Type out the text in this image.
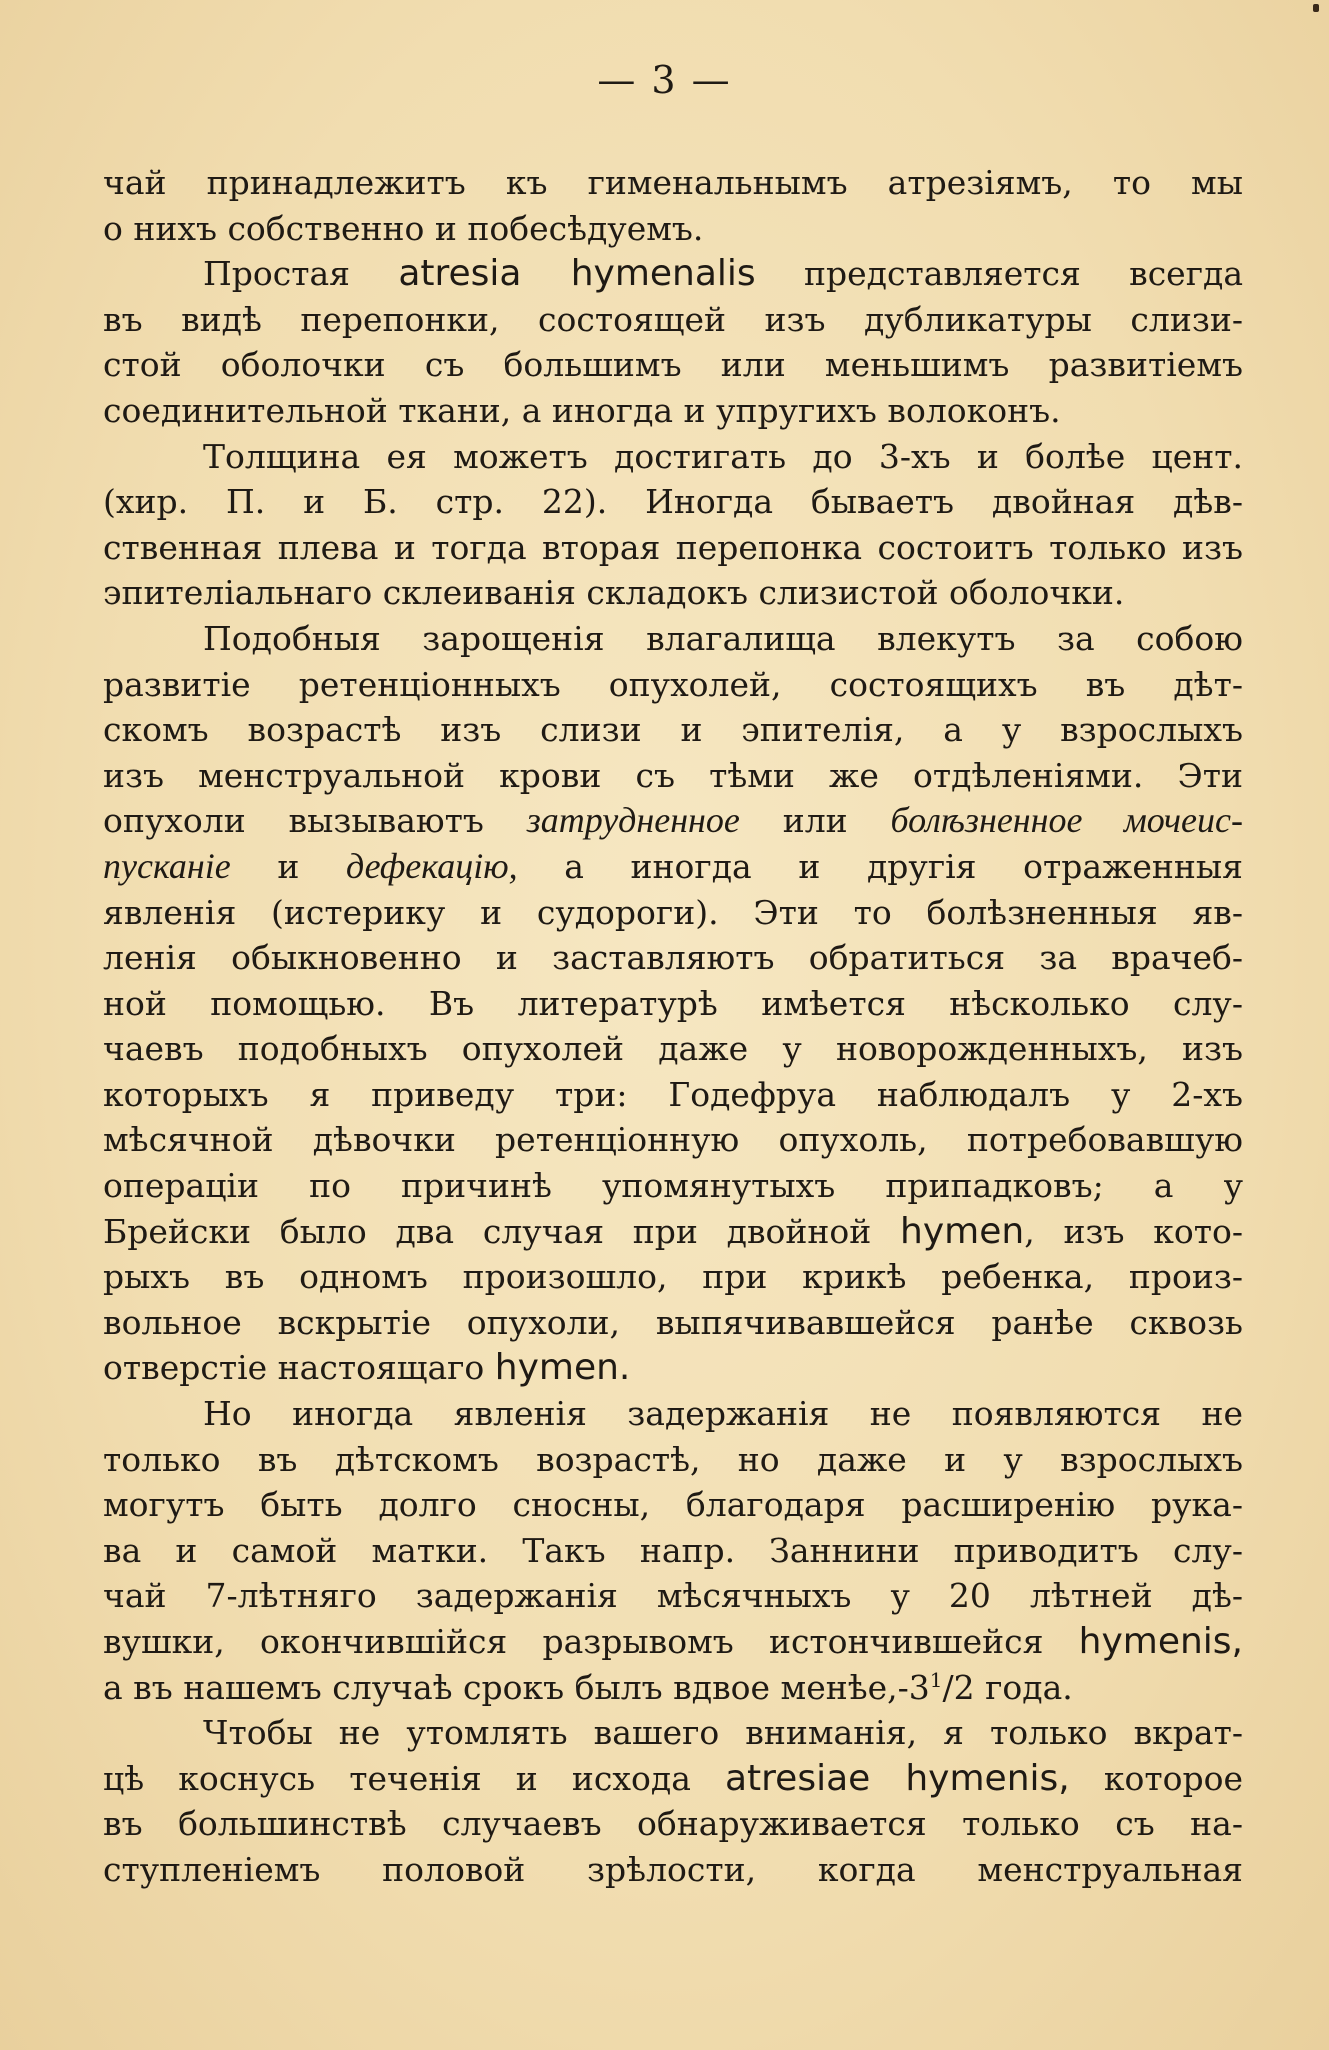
— 3 —
чай принадлежитъ къ гименальнымъ атрезіямъ, то мы
о нихъ собственно и побесѣдуемъ.
Простая atresia hymenalis представляется всегда
въ видѣ перепонки, состоящей изъ дубликатуры слизи-
стой оболочки съ большимъ или меньшимъ развитіемъ
соединительной ткани, а иногда и упругихъ волоконъ.
Толщина ея можетъ достигать до 3-хъ и болѣе цент.
(хир. П. и Б. стр. 22). Иногда бываетъ двойная дѣв-
ственная плева и тогда вторая перепонка состоитъ только изъ
эпителіальнаго склеиванія складокъ слизистой оболочки.
Подобныя зарощенія влагалища влекутъ за собою
развитіе ретенціонныхъ опухолей, состоящихъ въ дѣт-
скомъ возрастѣ изъ слизи и эпителія, а у взрослыхъ
изъ менструальной крови съ тѣми же отдѣленіями. Эти
опухоли вызываютъ затрудненное или болѣзненное мочеис-
пусканіе и дефекацію, а иногда и другія отраженныя
явленія (истерику и судороги). Эти то болѣзненныя яв-
ленія обыкновенно и заставляютъ обратиться за врачеб-
ной помощью. Въ литературѣ имѣется нѣсколько слу-
чаевъ подобныхъ опухолей даже у новорожденныхъ, изъ
которыхъ я приведу три: Годефруа наблюдалъ у 2-хъ
мѣсячной дѣвочки ретенціонную опухоль, потребовавшую
операціи по причинѣ упомянутыхъ припадковъ; а у
Брейски было два случая при двойной hymen, изъ кото-
рыхъ въ одномъ произошло, при крикѣ ребенка, произ-
вольное вскрытіе опухоли, выпячивавшейся ранѣе сквозь
отверстіе настоящаго hymen.
Но иногда явленія задержанія не появляются не
только въ дѣтскомъ возрастѣ, но даже и у взрослыхъ
могутъ быть долго сносны, благодаря расширенію рука-
ва и самой матки. Такъ напр. Заннини приводитъ слу-
чай 7-лѣтняго задержанія мѣсячныхъ у 20 лѣтней дѣ-
вушки, окончившійся разрывомъ истончившейся hymenis,
а въ нашемъ случаѣ срокъ былъ вдвое $менѣе,-3^1/2$ года.
Чтобы не утомлять вашего вниманія, я только вкрат-
цѣ коснусь теченія и исхода atresiae hymenis, которое
въ большинствѣ случаевъ обнаруживается только съ на-
ступленіемъ половой зрѣлости, когда менструальная
